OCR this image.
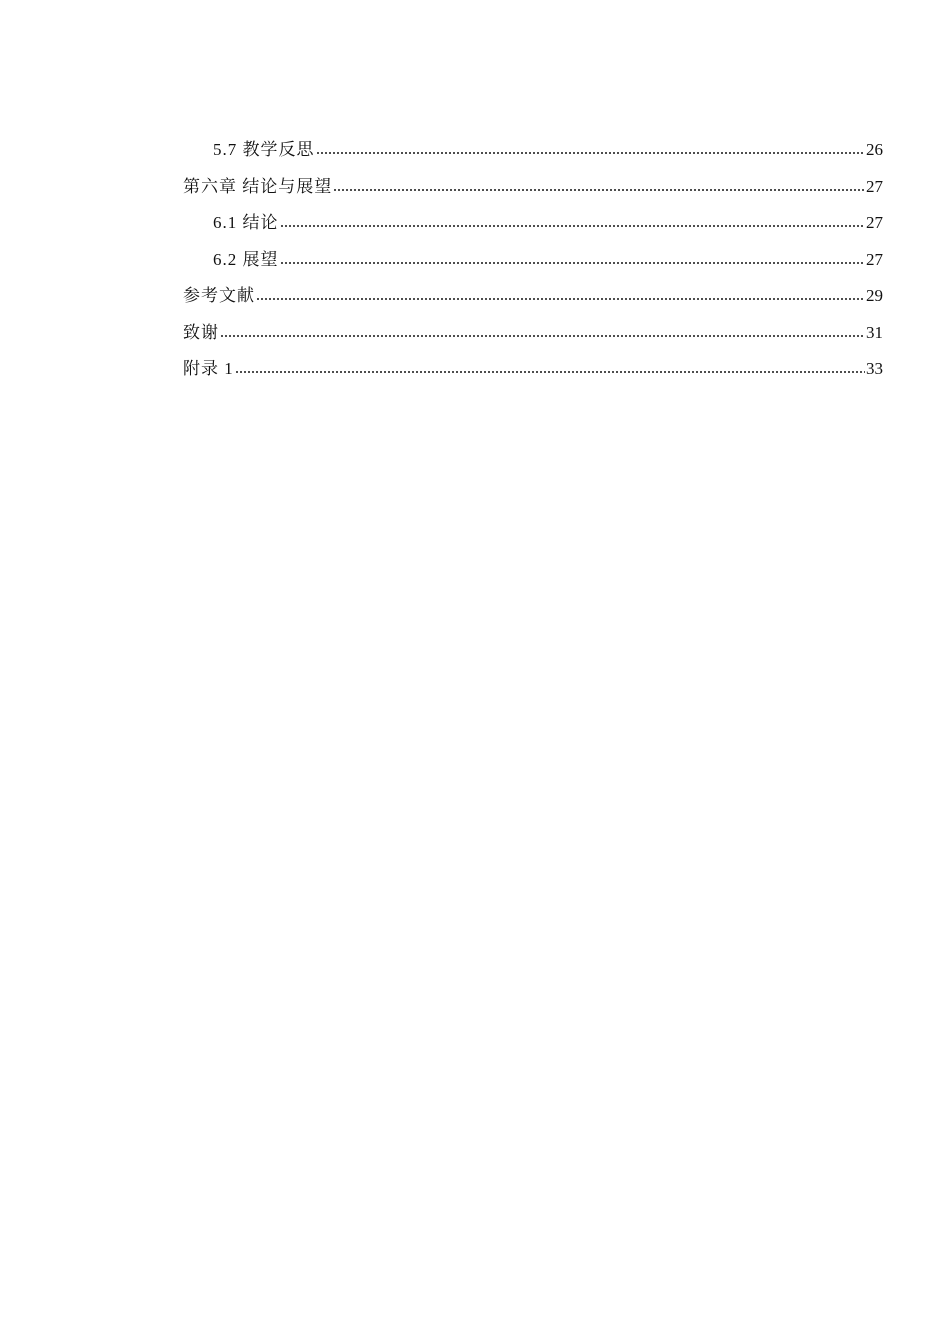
5.7 教学反思	26
第六章 结论与展望	27
6.1 结论	27
6.2 展望	27
参考文献	29
致谢	31
附录 1	33
